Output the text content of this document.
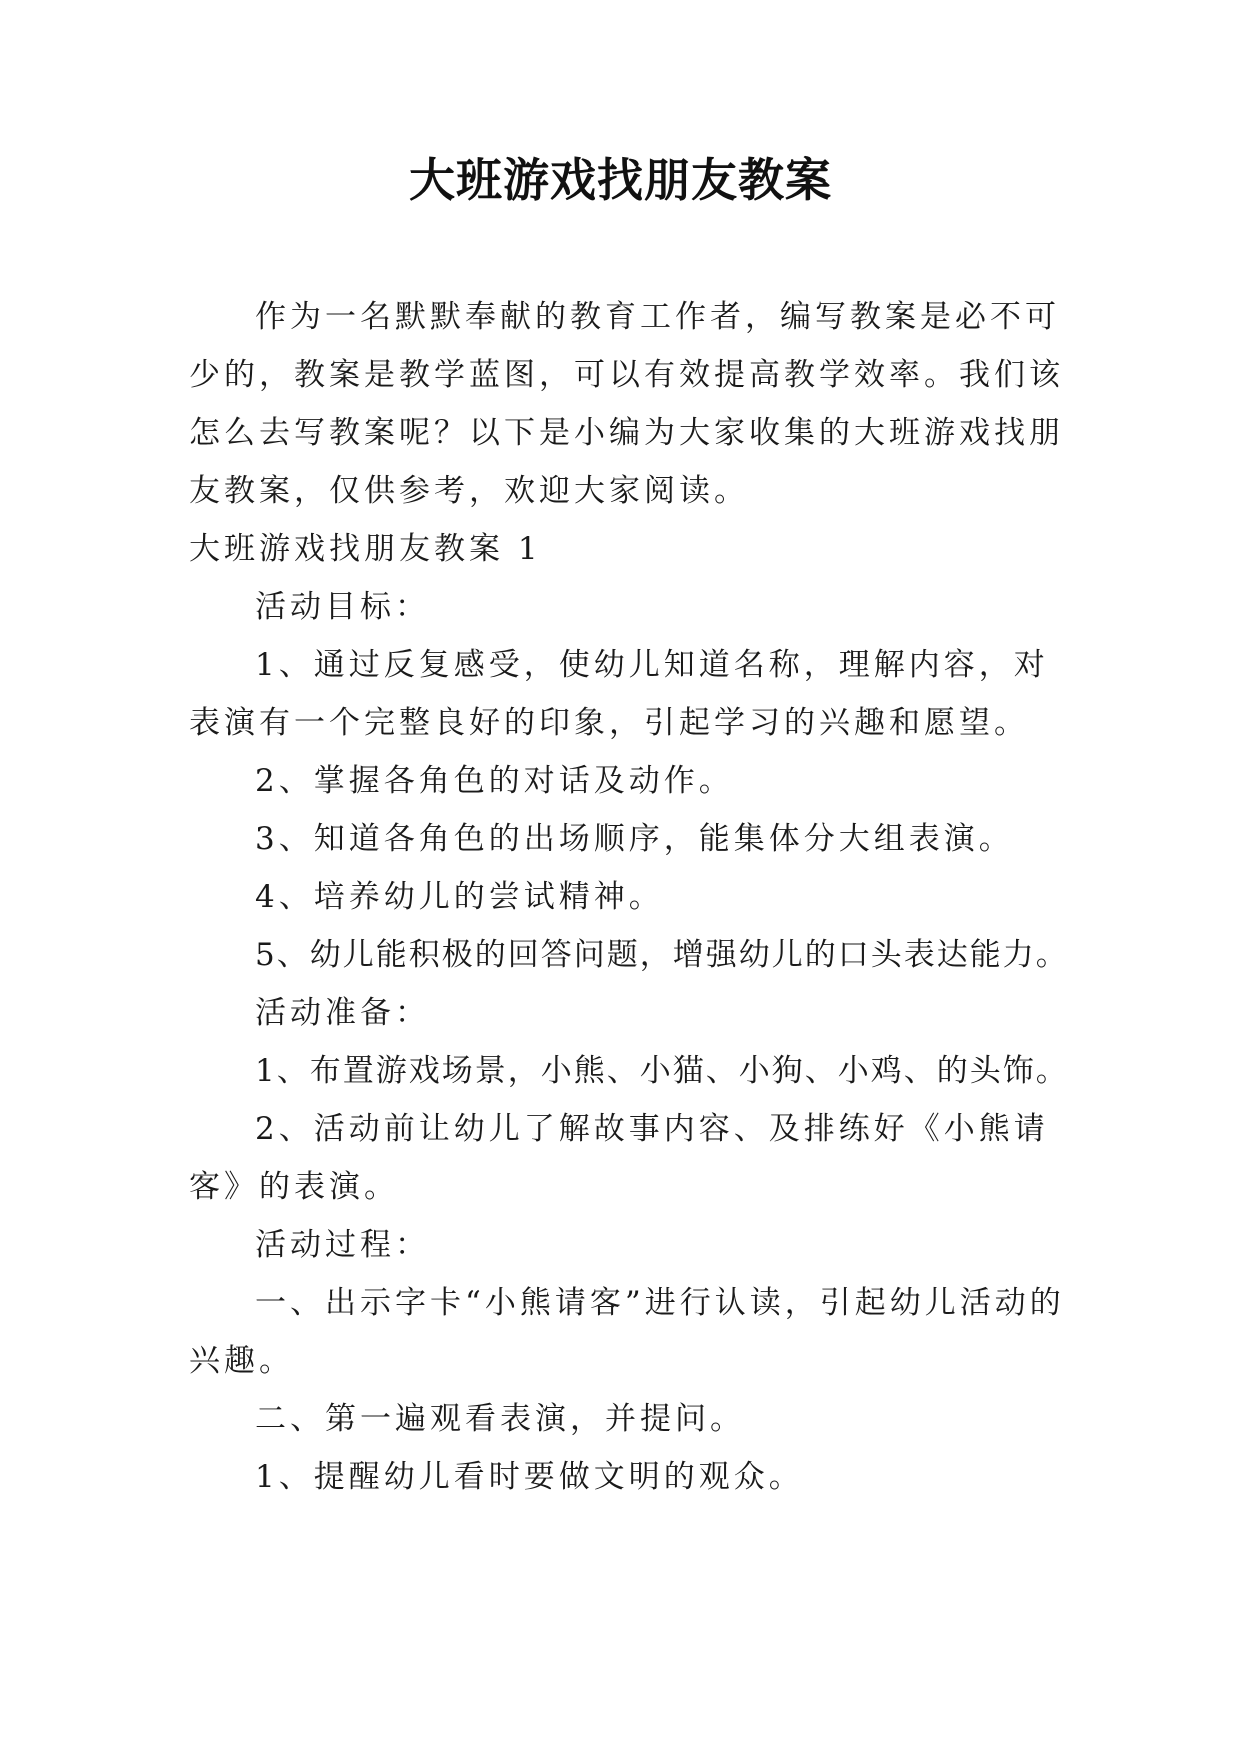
大班游戏找朋友教案

作为一名默默奉献的教育工作者，编写教案是必不可少的，教案是教学蓝图，可以有效提高教学效率。我们该怎么去写教案呢？以下是小编为大家收集的大班游戏找朋友教案，仅供参考，欢迎大家阅读。

大班游戏找朋友教案 1

活动目标：

1、通过反复感受，使幼儿知道名称，理解内容，对表演有一个完整良好的印象，引起学习的兴趣和愿望。

2、掌握各角色的对话及动作。

3、知道各角色的出场顺序，能集体分大组表演。

4、培养幼儿的尝试精神。

5、幼儿能积极的回答问题，增强幼儿的口头表达能力。

活动准备：

1、布置游戏场景，小熊、小猫、小狗、小鸡、的头饰。

2、活动前让幼儿了解故事内容、及排练好《小熊请客》的表演。

活动过程：

一、出示字卡“小熊请客”进行认读，引起幼儿活动的兴趣。

二、第一遍观看表演，并提问。

1、提醒幼儿看时要做文明的观众。
